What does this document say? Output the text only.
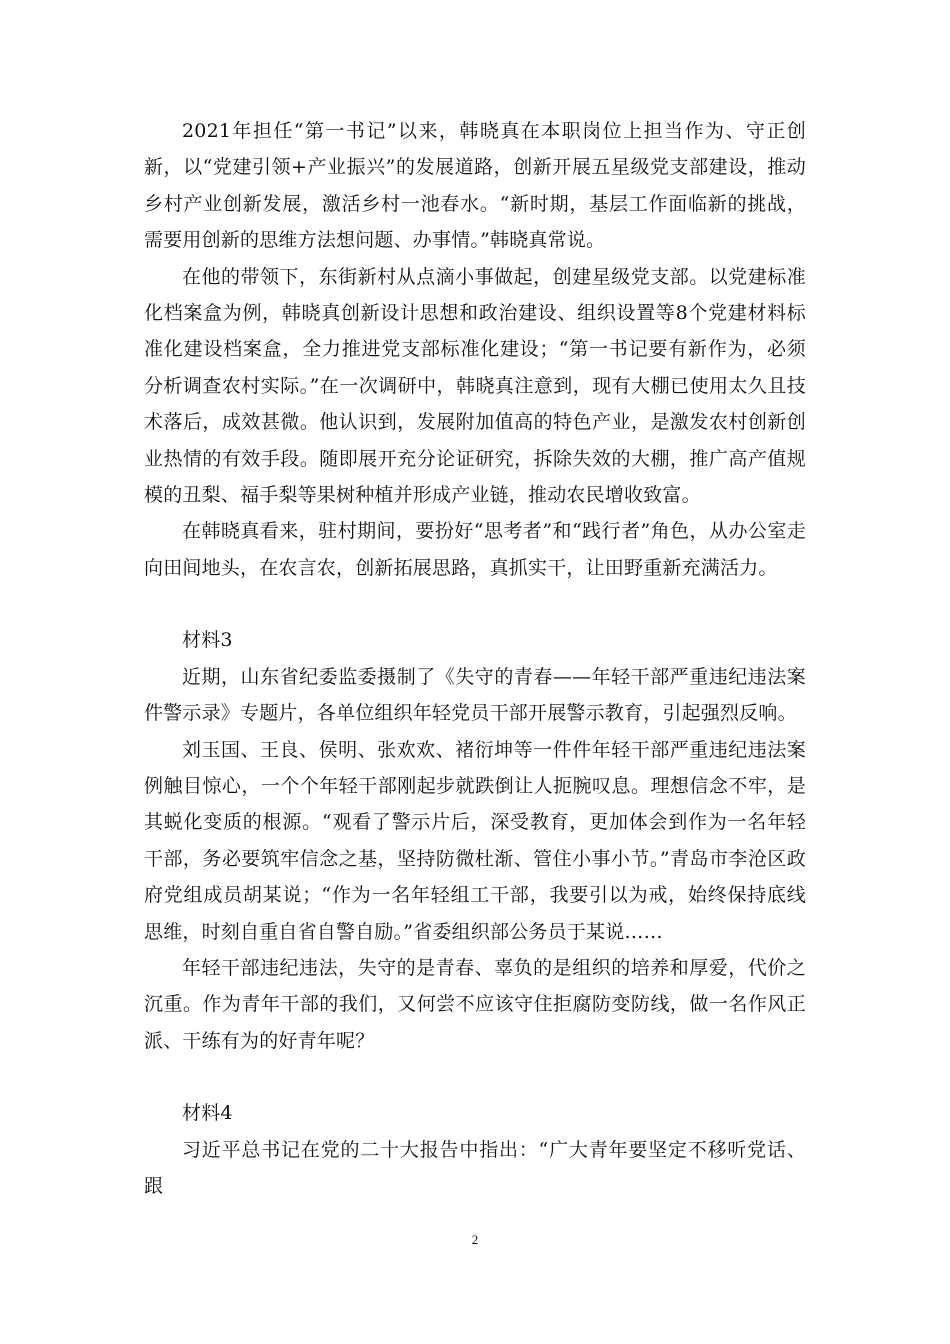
2021年担任“第一书记”以来，韩晓真在本职岗位上担当作为、守正创新，以“党建引领+产业振兴”的发展道路，创新开展五星级党支部建设，推动乡村产业创新发展，激活乡村一池春水。“新时期，基层工作面临新的挑战，需要用创新的思维方法想问题、办事情。”韩晓真常说。

在他的带领下，东街新村从点滴小事做起，创建星级党支部。以党建标准化档案盒为例，韩晓真创新设计思想和政治建设、组织设置等8个党建材料标准化建设档案盒，全力推进党支部标准化建设；“第一书记要有新作为，必须分析调查农村实际。”在一次调研中，韩晓真注意到，现有大棚已使用太久且技术落后，成效甚微。他认识到，发展附加值高的特色产业，是激发农村创新创业热情的有效手段。随即展开充分论证研究，拆除失效的大棚，推广高产值规模的丑梨、福手梨等果树种植并形成产业链，推动农民增收致富。

在韩晓真看来，驻村期间，要扮好“思考者”和“践行者”角色，从办公室走向田间地头，在农言农，创新拓展思路，真抓实干，让田野重新充满活力。

材料3

近期，山东省纪委监委摄制了《失守的青春——年轻干部严重违纪违法案件警示录》专题片，各单位组织年轻党员干部开展警示教育，引起强烈反响。

刘玉国、王良、侯明、张欢欢、褚衍坤等一件件年轻干部严重违纪违法案例触目惊心，一个个年轻干部刚起步就跌倒让人扼腕叹息。理想信念不牢，是其蜕化变质的根源。“观看了警示片后，深受教育，更加体会到作为一名年轻干部，务必要筑牢信念之基，坚持防微杜渐、管住小事小节。”青岛市李沧区政府党组成员胡某说；“作为一名年轻组工干部，我要引以为戒，始终保持底线思维，时刻自重自省自警自励。”省委组织部公务员于某说……

年轻干部违纪违法，失守的是青春、辜负的是组织的培养和厚爱，代价之沉重。作为青年干部的我们，又何尝不应该守住拒腐防变防线，做一名作风正派、干练有为的好青年呢？

材料4

习近平总书记在党的二十大报告中指出：“广大青年要坚定不移听党话、跟

2
